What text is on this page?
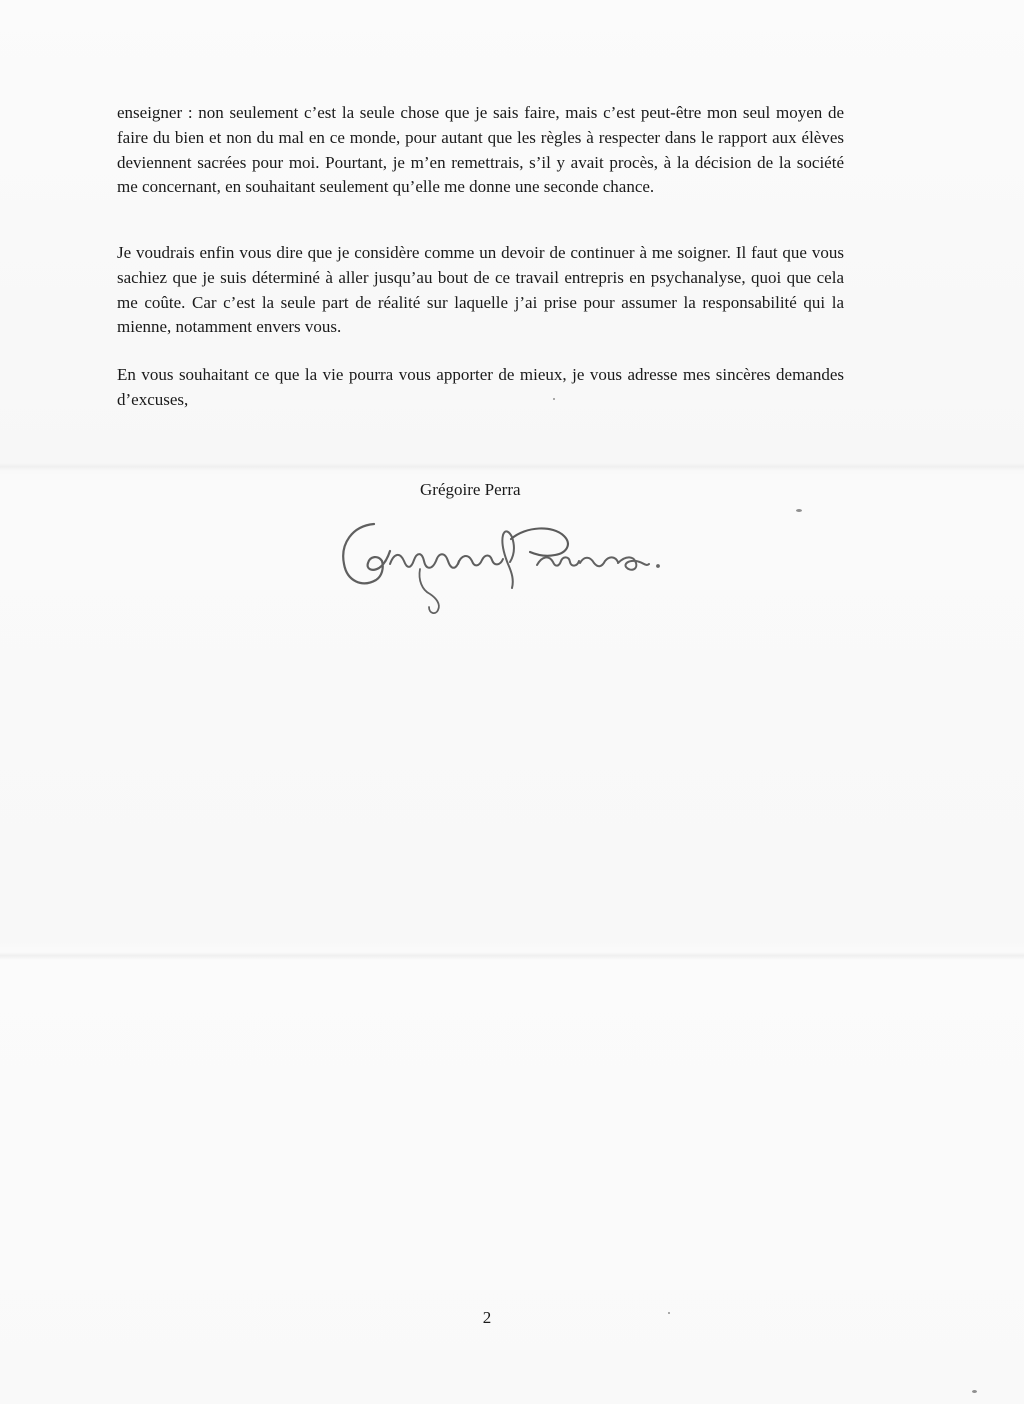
enseigner : non seulement c’est la seule chose que je sais faire, mais c’est peut-être mon seul moyen de faire du bien et non du mal en ce monde, pour autant que les règles à respecter dans le rapport aux élèves deviennent sacrées pour moi. Pourtant, je m’en remettrais, s’il y avait procès, à la décision de la société me concernant, en souhaitant seulement qu’elle me donne une seconde chance.

Je voudrais enfin vous dire que je considère comme un devoir de continuer à me soigner. Il faut que vous sachiez que je suis déterminé à aller jusqu’au bout de ce travail entrepris en psychanalyse, quoi que cela me coûte. Car c’est la seule part de réalité sur laquelle j’ai prise pour assumer la responsabilité qui la mienne, notamment envers vous.

En vous souhaitant ce que la vie pourra vous apporter de mieux, je vous adresse mes sincères demandes d’excuses,

Grégoire Perra

2
